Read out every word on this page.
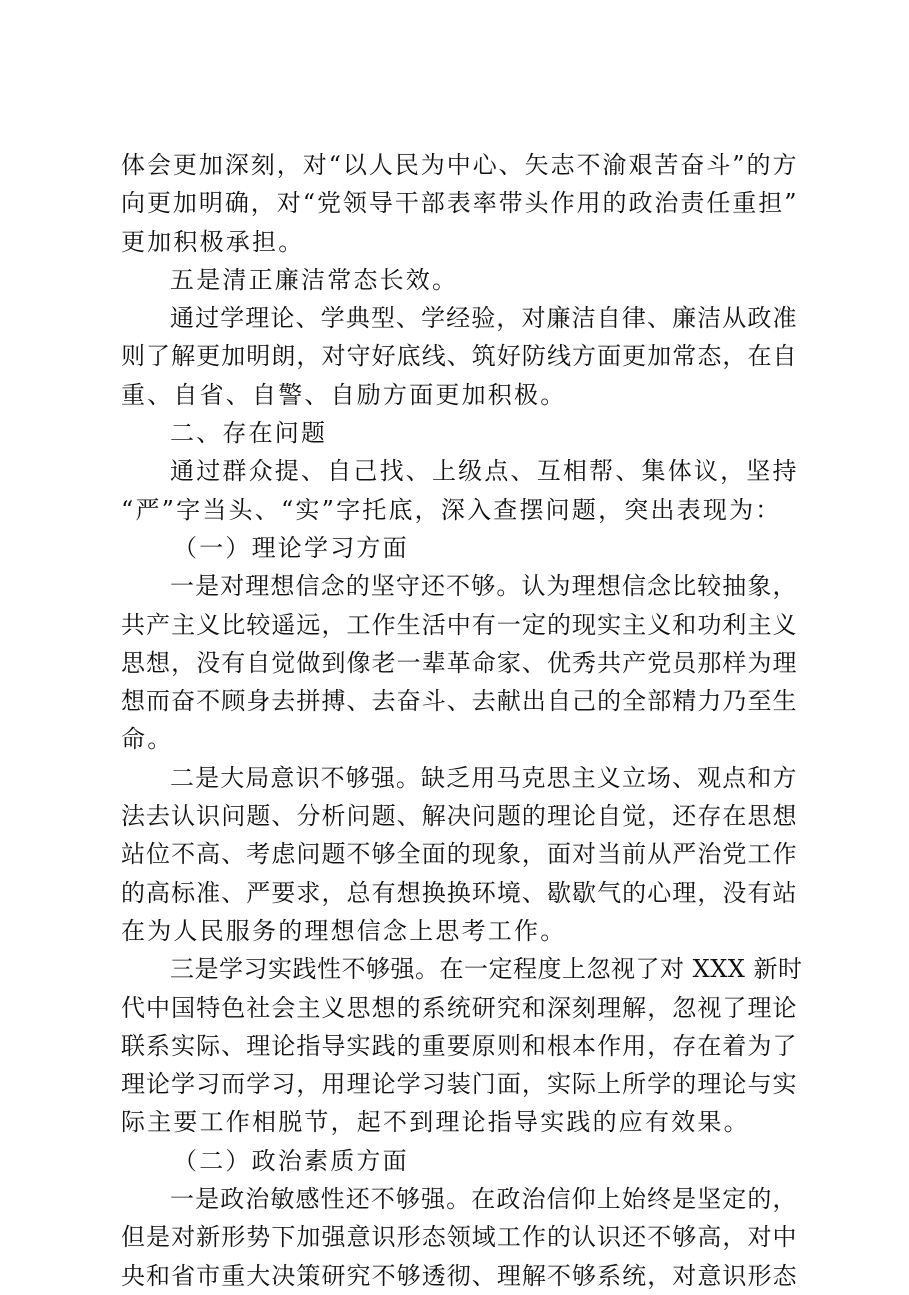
体会更加深刻，对“以人民为中心、矢志不渝艰苦奋斗”的方
向更加明确，对“党领导干部表率带头作用的政治责任重担”
更加积极承担。
五是清正廉洁常态长效。
通过学理论、学典型、学经验，对廉洁自律、廉洁从政准
则了解更加明朗，对守好底线、筑好防线方面更加常态，在自
重、自省、自警、自励方面更加积极。
二、存在问题
通过群众提、自己找、上级点、互相帮、集体议，坚持
“严”字当头、“实”字托底，深入查摆问题，突出表现为：
（一）理论学习方面
一是对理想信念的坚守还不够。认为理想信念比较抽象，
共产主义比较遥远，工作生活中有一定的现实主义和功利主义
思想，没有自觉做到像老一辈革命家、优秀共产党员那样为理
想而奋不顾身去拼搏、去奋斗、去献出自己的全部精力乃至生
命。
二是大局意识不够强。缺乏用马克思主义立场、观点和方
法去认识问题、分析问题、解决问题的理论自觉，还存在思想
站位不高、考虑问题不够全面的现象，面对当前从严治党工作
的高标准、严要求，总有想换换环境、歇歇气的心理，没有站
在为人民服务的理想信念上思考工作。
三是学习实践性不够强。在一定程度上忽视了对 XXX 新时
代中国特色社会主义思想的系统研究和深刻理解，忽视了理论
联系实际、理论指导实践的重要原则和根本作用，存在着为了
理论学习而学习，用理论学习装门面，实际上所学的理论与实
际主要工作相脱节，起不到理论指导实践的应有效果。
（二）政治素质方面
一是政治敏感性还不够强。在政治信仰上始终是坚定的，
但是对新形势下加强意识形态领域工作的认识还不够高，对中
央和省市重大决策研究不够透彻、理解不够系统，对意识形态
